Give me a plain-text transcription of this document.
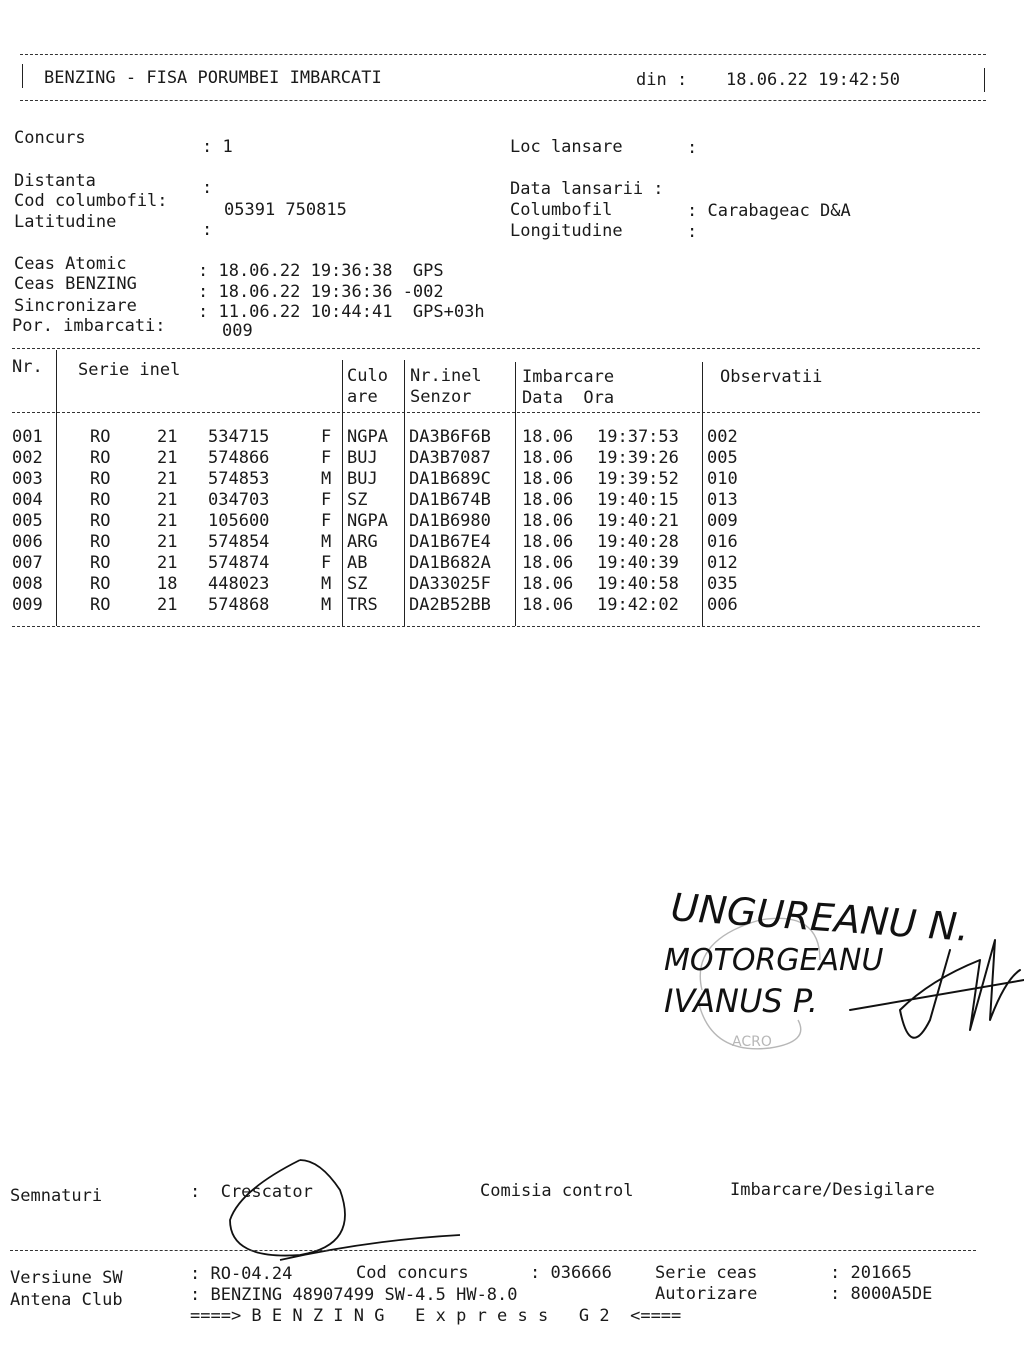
BENZING - FISA PORUMBEI IMBARCATI	din : 18.06.22 19:42:50
Concurs	: 1	Loc lansare	:
Distanta	:
Cod columbofil:	05391 750815
Latitudine	:
Data lansarii :
Columbofil	: Carabageac D&A
Longitudine	:
Ceas Atomic	: 18.06.22 19:36:38  GPS
Ceas BENZING	: 18.06.22 19:36:36 -002
Sincronizare	: 11.06.22 10:44:41  GPS+03h
Por. imbarcati:	009
Nr. Serie inel	Culo
are
Nr.inel
Senzor
Imbarcare
Data  Ora
Observatii
001	RO	21 534715	F NGPA DA3B6F6B 18.06 19:37:53 002
002	RO	21 574866	F BUJ DA3B7087 18.06 19:39:26 005
003	RO	21 574853	M BUJ DA1B689C 18.06 19:39:52 010
004	RO	21 034703	F SZ DA1B674B 18.06 19:40:15 013
005	RO	21 105600	F NGPA DA1B6980 18.06 19:40:21 009
006	RO	21 574854	M ARG DA1B67E4 18.06 19:40:28 016
007	RO	21 574874	F AB DA1B682A 18.06 19:40:39 012
008	RO	18 448023	M SZ DA33025F 18.06 19:40:58 035
009	RO	21 574868	M TRS DA2B52BB 18.06 19:42:02 006
ACRO
UNGUREANU N.
MOTORGEANU
IVANUS P.
Semnaturi	:  Crescator	Comisia control	Imbarcare/Desigilare
Versiune SW	: RO-04.24	Cod concurs	: 036666	Serie ceas	: 201665
Antena Club	: BENZING 48907499 SW-4.5 HW-8.0	Autorizare	: 8000A5DE
====> B E N Z I N G   E x p r e s s   G 2  <====
